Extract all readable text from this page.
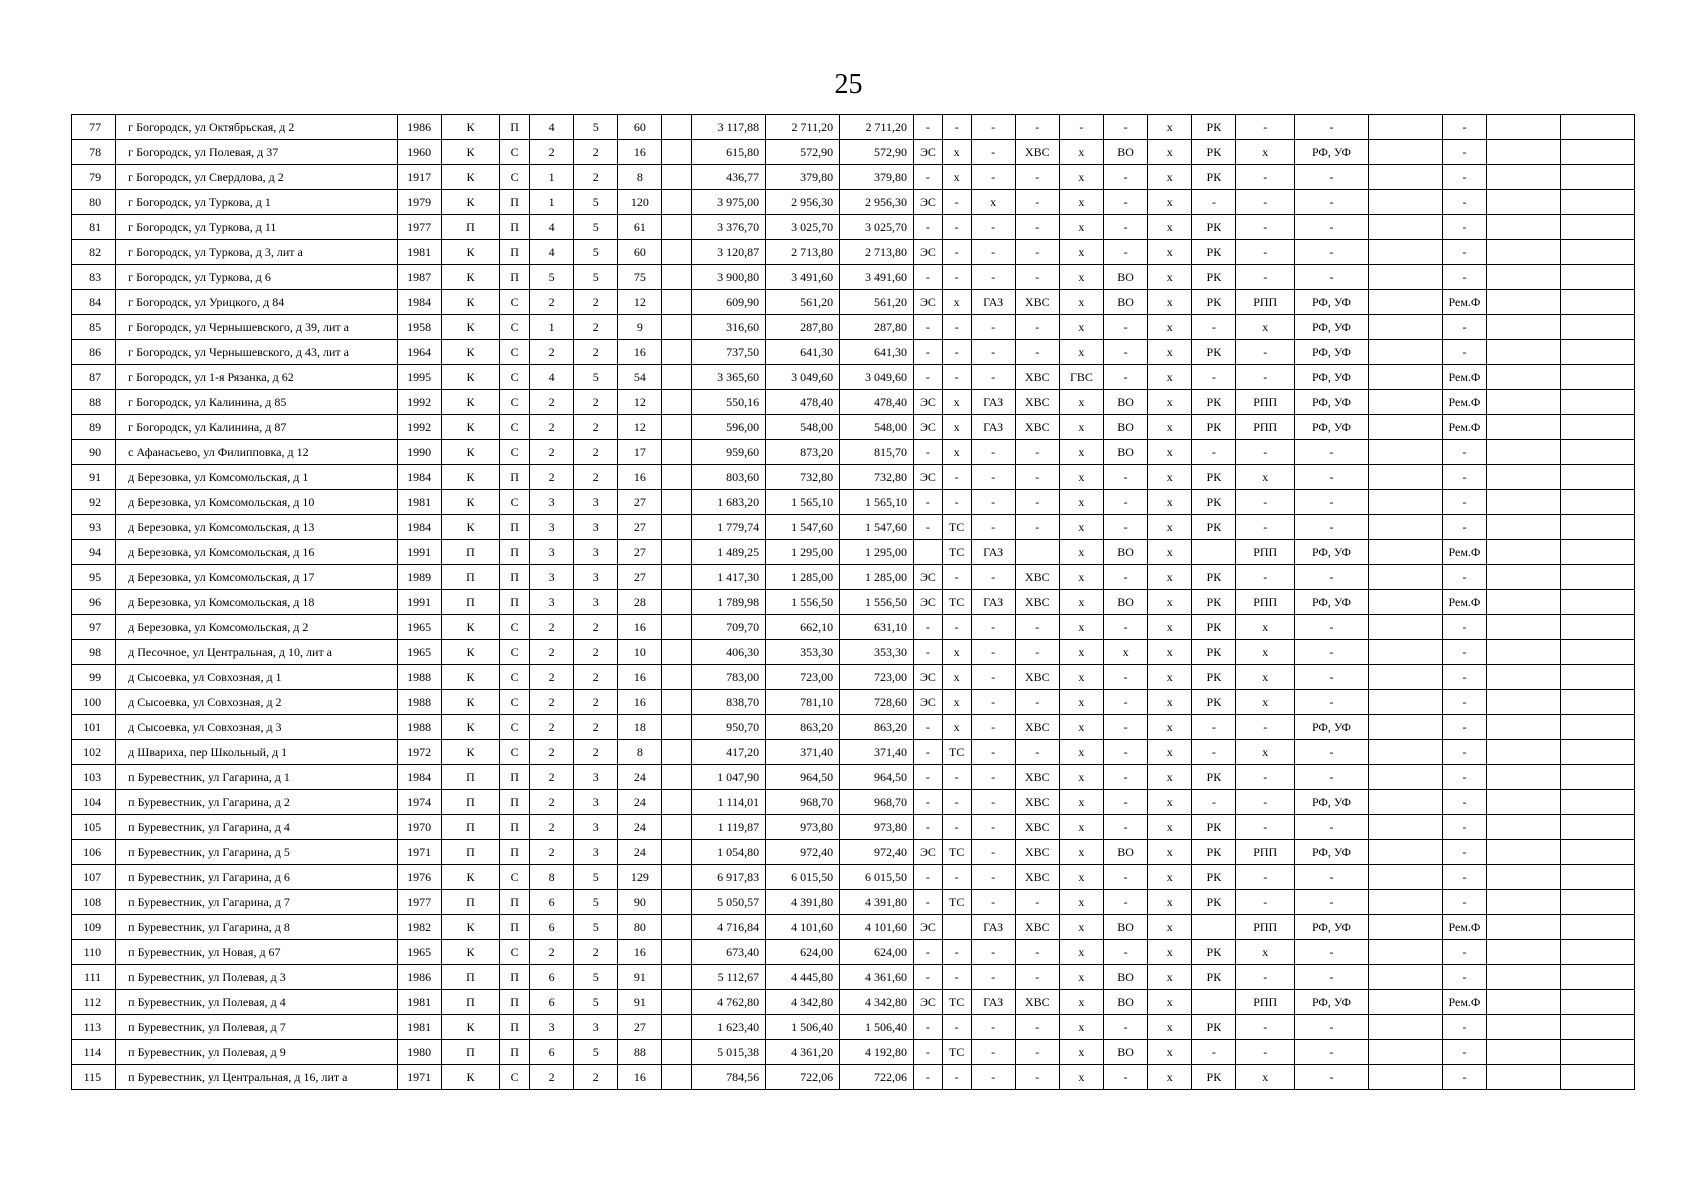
25
77	г Богородск, ул Октябрьская, д 2	1986	К	П	4	5	60		3 117,88	2 711,20	2 711,20	-	-	-	-	-	-	х	РК	-	-		-		
78	г Богородск, ул Полевая, д 37	1960	К	С	2	2	16		615,80	572,90	572,90	ЭС	х	-	ХВС	х	ВО	х	РК	х	РФ, УФ		-		
79	г Богородск, ул Свердлова, д 2	1917	К	С	1	2	8		436,77	379,80	379,80	-	х	-	-	х	-	х	РК	-	-		-		
80	г Богородск, ул Туркова, д 1	1979	К	П	1	5	120		3 975,00	2 956,30	2 956,30	ЭС	-	х	-	х	-	х	-	-	-		-		
81	г Богородск, ул Туркова, д 11	1977	П	П	4	5	61		3 376,70	3 025,70	3 025,70	-	-	-	-	х	-	х	РК	-	-		-		
82	г Богородск, ул Туркова, д 3, лит а	1981	К	П	4	5	60		3 120,87	2 713,80	2 713,80	ЭС	-	-	-	х	-	х	РК	-	-		-		
83	г Богородск, ул Туркова, д 6	1987	К	П	5	5	75		3 900,80	3 491,60	3 491,60	-	-	-	-	х	ВО	х	РК	-	-		-		
84	г Богородск, ул Урицкого, д 84	1984	К	С	2	2	12		609,90	561,20	561,20	ЭС	х	ГАЗ	ХВС	х	ВО	х	РК	РПП	РФ, УФ		Рем.Ф		
85	г Богородск, ул Чернышевского, д 39, лит а	1958	К	С	1	2	9		316,60	287,80	287,80	-	-	-	-	х	-	х	-	х	РФ, УФ		-		
86	г Богородск, ул Чернышевского, д 43, лит а	1964	К	С	2	2	16		737,50	641,30	641,30	-	-	-	-	х	-	х	РК	-	РФ, УФ		-		
87	г Богородск, ул 1-я Рязанка, д 62	1995	К	С	4	5	54		3 365,60	3 049,60	3 049,60	-	-	-	ХВС	ГВС	-	х	-	-	РФ, УФ		Рем.Ф		
88	г Богородск, ул Калинина, д 85	1992	К	С	2	2	12		550,16	478,40	478,40	ЭС	х	ГАЗ	ХВС	х	ВО	х	РК	РПП	РФ, УФ		Рем.Ф		
89	г Богородск, ул Калинина, д 87	1992	К	С	2	2	12		596,00	548,00	548,00	ЭС	х	ГАЗ	ХВС	х	ВО	х	РК	РПП	РФ, УФ		Рем.Ф		
90	с Афанасьево, ул Филипповка, д 12	1990	К	С	2	2	17		959,60	873,20	815,70	-	х	-	-	х	ВО	х	-	-	-		-		
91	д Березовка, ул Комсомольская, д 1	1984	К	П	2	2	16		803,60	732,80	732,80	ЭС	-	-	-	х	-	х	РК	х	-		-		
92	д Березовка, ул Комсомольская, д 10	1981	К	С	3	3	27		1 683,20	1 565,10	1 565,10	-	-	-	-	х	-	х	РК	-	-		-		
93	д Березовка, ул Комсомольская, д 13	1984	К	П	3	3	27		1 779,74	1 547,60	1 547,60	-	ТС	-	-	х	-	х	РК	-	-		-		
94	д Березовка, ул Комсомольская, д 16	1991	П	П	3	3	27		1 489,25	1 295,00	1 295,00		ТС	ГАЗ		х	ВО	х		РПП	РФ, УФ		Рем.Ф		
95	д Березовка, ул Комсомольская, д 17	1989	П	П	3	3	27		1 417,30	1 285,00	1 285,00	ЭС	-	-	ХВС	х	-	х	РК	-	-		-		
96	д Березовка, ул Комсомольская, д 18	1991	П	П	3	3	28		1 789,98	1 556,50	1 556,50	ЭС	ТС	ГАЗ	ХВС	х	ВО	х	РК	РПП	РФ, УФ		Рем.Ф		
97	д Березовка, ул Комсомольская, д 2	1965	К	С	2	2	16		709,70	662,10	631,10	-	-	-	-	х	-	х	РК	х	-		-		
98	д Песочное, ул Центральная, д 10, лит а	1965	К	С	2	2	10		406,30	353,30	353,30	-	х	-	-	х	х	х	РК	х	-		-		
99	д Сысоевка, ул Совхозная, д 1	1988	К	С	2	2	16		783,00	723,00	723,00	ЭС	х	-	ХВС	х	-	х	РК	х	-		-		
100	д Сысоевка, ул Совхозная, д 2	1988	К	С	2	2	16		838,70	781,10	728,60	ЭС	х	-	-	х	-	х	РК	х	-		-		
101	д Сысоевка, ул Совхозная, д 3	1988	К	С	2	2	18		950,70	863,20	863,20	-	х	-	ХВС	х	-	х	-	-	РФ, УФ		-		
102	д Швариха, пер Школьный, д 1	1972	К	С	2	2	8		417,20	371,40	371,40	-	ТС	-	-	х	-	х	-	х	-		-		
103	п Буревестник, ул Гагарина, д 1	1984	П	П	2	3	24		1 047,90	964,50	964,50	-	-	-	ХВС	х	-	х	РК	-	-		-		
104	п Буревестник, ул Гагарина, д 2	1974	П	П	2	3	24		1 114,01	968,70	968,70	-	-	-	ХВС	х	-	х	-	-	РФ, УФ		-		
105	п Буревестник, ул Гагарина, д 4	1970	П	П	2	3	24		1 119,87	973,80	973,80	-	-	-	ХВС	х	-	х	РК	-	-		-		
106	п Буревестник, ул Гагарина, д 5	1971	П	П	2	3	24		1 054,80	972,40	972,40	ЭС	ТС	-	ХВС	х	ВО	х	РК	РПП	РФ, УФ		-		
107	п Буревестник, ул Гагарина, д 6	1976	К	С	8	5	129		6 917,83	6 015,50	6 015,50	-	-	-	ХВС	х	-	х	РК	-	-		-		
108	п Буревестник, ул Гагарина, д 7	1977	П	П	6	5	90		5 050,57	4 391,80	4 391,80	-	ТС	-	-	х	-	х	РК	-	-		-		
109	п Буревестник, ул Гагарина, д 8	1982	К	П	6	5	80		4 716,84	4 101,60	4 101,60	ЭС		ГАЗ	ХВС	х	ВО	х		РПП	РФ, УФ		Рем.Ф		
110	п Буревестник, ул Новая, д 67	1965	К	С	2	2	16		673,40	624,00	624,00	-	-	-	-	х	-	х	РК	х	-		-		
111	п Буревестник, ул Полевая, д 3	1986	П	П	6	5	91		5 112,67	4 445,80	4 361,60	-	-	-	-	х	ВО	х	РК	-	-		-		
112	п Буревестник, ул Полевая, д 4	1981	П	П	6	5	91		4 762,80	4 342,80	4 342,80	ЭС	ТС	ГАЗ	ХВС	х	ВО	х		РПП	РФ, УФ		Рем.Ф		
113	п Буревестник, ул Полевая, д 7	1981	К	П	3	3	27		1 623,40	1 506,40	1 506,40	-	-	-	-	х	-	х	РК	-	-		-		
114	п Буревестник, ул Полевая, д 9	1980	П	П	6	5	88		5 015,38	4 361,20	4 192,80	-	ТС	-	-	х	ВО	х	-	-	-		-		
115	п Буревестник, ул Центральная, д 16, лит а	1971	К	С	2	2	16		784,56	722,06	722,06	-	-	-	-	х	-	х	РК	х	-		-		
